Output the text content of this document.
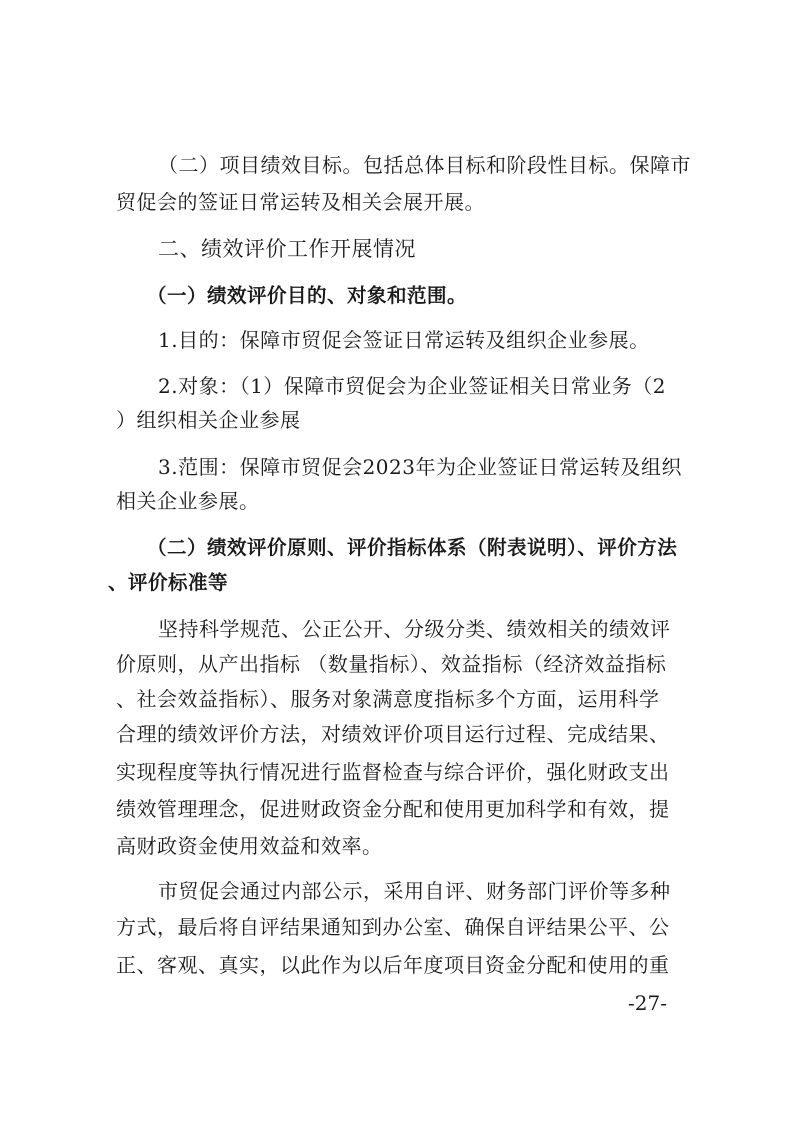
（二）项目绩效目标。包括总体目标和阶段性目标。保障市
贸促会的签证日常运转及相关会展开展。
二、绩效评价工作开展情况
（一）绩效评价目的、对象和范围。
1.目的：保障市贸促会签证日常运转及组织企业参展。
2.对象：（1）保障市贸促会为企业签证相关日常业务（2
）组织相关企业参展
3.范围：保障市贸促会2023年为企业签证日常运转及组织
相关企业参展。
（二）绩效评价原则、评价指标体系（附表说明）、评价方法
、评价标准等
坚持科学规范、公正公开、分级分类、绩效相关的绩效评
价原则，从产出指标 （数量指标）、效益指标（经济效益指标
、社会效益指标）、服务对象满意度指标多个方面，运用科学
合理的绩效评价方法，对绩效评价项目运行过程、完成结果、
实现程度等执行情况进行监督检查与综合评价，强化财政支出
绩效管理理念，促进财政资金分配和使用更加科学和有效，提
高财政资金使用效益和效率。
市贸促会通过内部公示，采用自评、财务部门评价等多种
方式，最后将自评结果通知到办公室、确保自评结果公平、公
正、客观、真实，以此作为以后年度项目资金分配和使用的重
-27-
